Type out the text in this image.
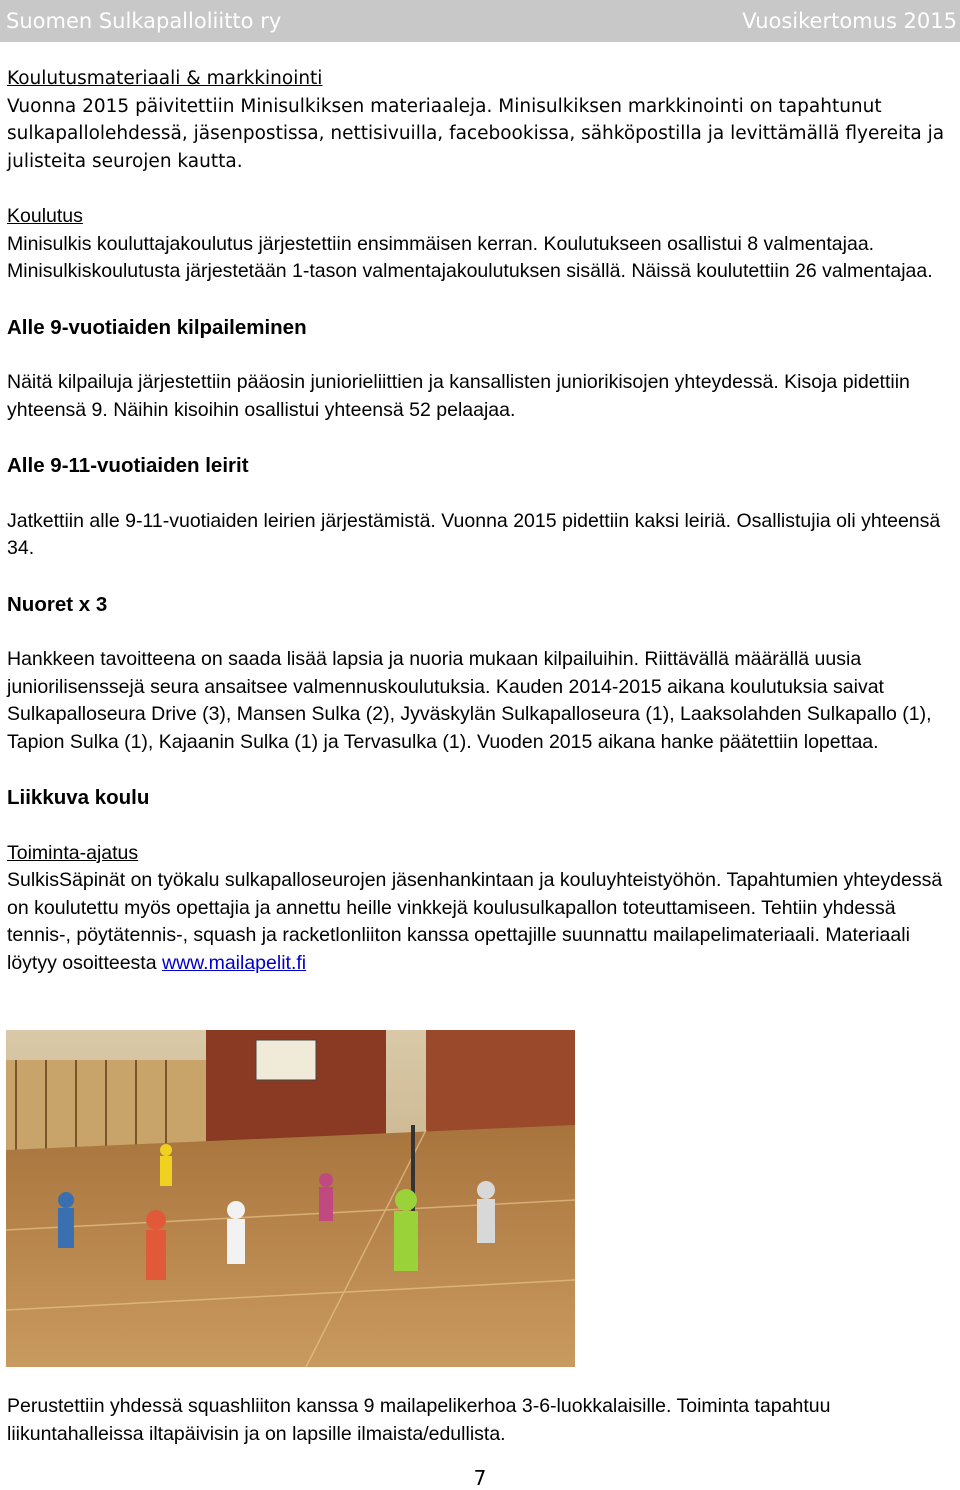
Suomen Sulkapalloliitto ry	Vuosikertomus 2015

Koulutusmateriaali & markkinointi

Vuonna 2015 päivitettiin Minisulkiksen materiaaleja. Minisulkiksen markkinointi on tapahtunut sulkapallolehdessä, jäsenpostissa, nettisivuilla, facebookissa, sähköpostilla ja levittämällä flyereita ja julisteita seurojen kautta.

Koulutus

Minisulkis kouluttajakoulutus järjestettiin ensimmäisen kerran. Koulutukseen osallistui 8 valmentajaa. Minisulkiskoulutusta järjestetään 1-tason valmentajakoulutuksen sisällä. Näissä koulutettiin 26 valmentajaa.

Alle 9-vuotiaiden kilpaileminen

Näitä kilpailuja järjestettiin pääosin juniorieliittien ja kansallisten juniorikisojen yhteydessä. Kisoja pidettiin yhteensä 9. Näihin kisoihin osallistui yhteensä 52 pelaajaa.

Alle 9-11-vuotiaiden leirit

Jatkettiin alle 9-11-vuotiaiden leirien järjestämistä. Vuonna 2015 pidettiin kaksi leiriä. Osallistujia oli yhteensä 34.

Nuoret x 3

Hankkeen tavoitteena on saada lisää lapsia ja nuoria mukaan kilpailuihin. Riittävällä määrällä uusia juniorilisenssejä seura ansaitsee valmennuskoulutuksia. Kauden 2014-2015 aikana koulutuksia saivat Sulkapalloseura Drive (3), Mansen Sulka (2), Jyväskylän Sulkapalloseura (1), Laaksolahden Sulkapallo (1), Tapion Sulka (1), Kajaanin Sulka (1) ja Tervasulka (1). Vuoden 2015 aikana hanke päätettiin lopettaa.

Liikkuva koulu

Toiminta-ajatus

SulkisSäpinät on työkalu sulkapalloseurojen jäsenhankintaan ja kouluyhteistyöhön. Tapahtumien yhteydessä on koulutettu myös opettajia ja annettu heille vinkkejä koulusulkapallon toteuttamiseen. Tehtiin yhdessä tennis-, pöytätennis-, squash ja racketlonliiton kanssa opettajille suunnattu mailapelimateriaali. Materiaali löytyy osoitteesta www.mailapelit.fi

Perustettiin yhdessä squashliiton kanssa 9 mailapelikerhoa 3-6-luokkalaisille. Toiminta tapahtuu liikuntahalleissa iltapäivisin ja on lapsille ilmaista/edullista.

7
